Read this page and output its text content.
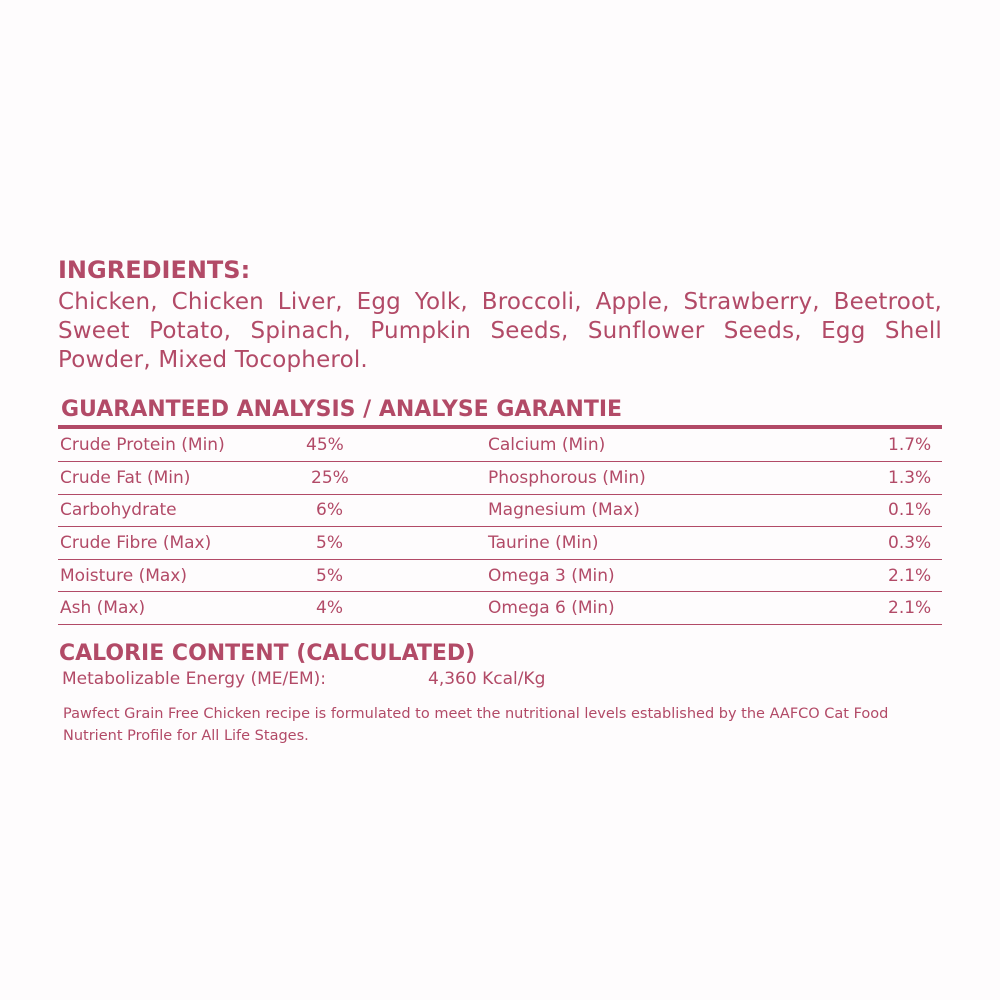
INGREDIENTS:

Chicken, Chicken Liver, Egg Yolk, Broccoli, Apple, Strawberry, Beetroot, Sweet Potato, Spinach, Pumpkin Seeds, Sunflower Seeds, Egg Shell Powder, Mixed Tocopherol.

GUARANTEED ANALYSIS / ANALYSE GARANTIE
Crude Protein (Min)	45%	Calcium (Min)	1.7%
Crude Fat (Min)	25%	Phosphorous (Min)	1.3%
Carbohydrate	6%	Magnesium (Max)	0.1%
Crude Fibre (Max)	5%	Taurine (Min)	0.3%
Moisture (Max)	5%	Omega 3 (Min)	2.1%
Ash (Max)	4%	Omega 6 (Min)	2.1%
CALORIE CONTENT (CALCULATED)
Metabolizable Energy (ME/EM):	4,360 Kcal/Kg

Pawfect Grain Free Chicken recipe is formulated to meet the nutritional levels established by the AAFCO Cat Food Nutrient Profile for All Life Stages.
